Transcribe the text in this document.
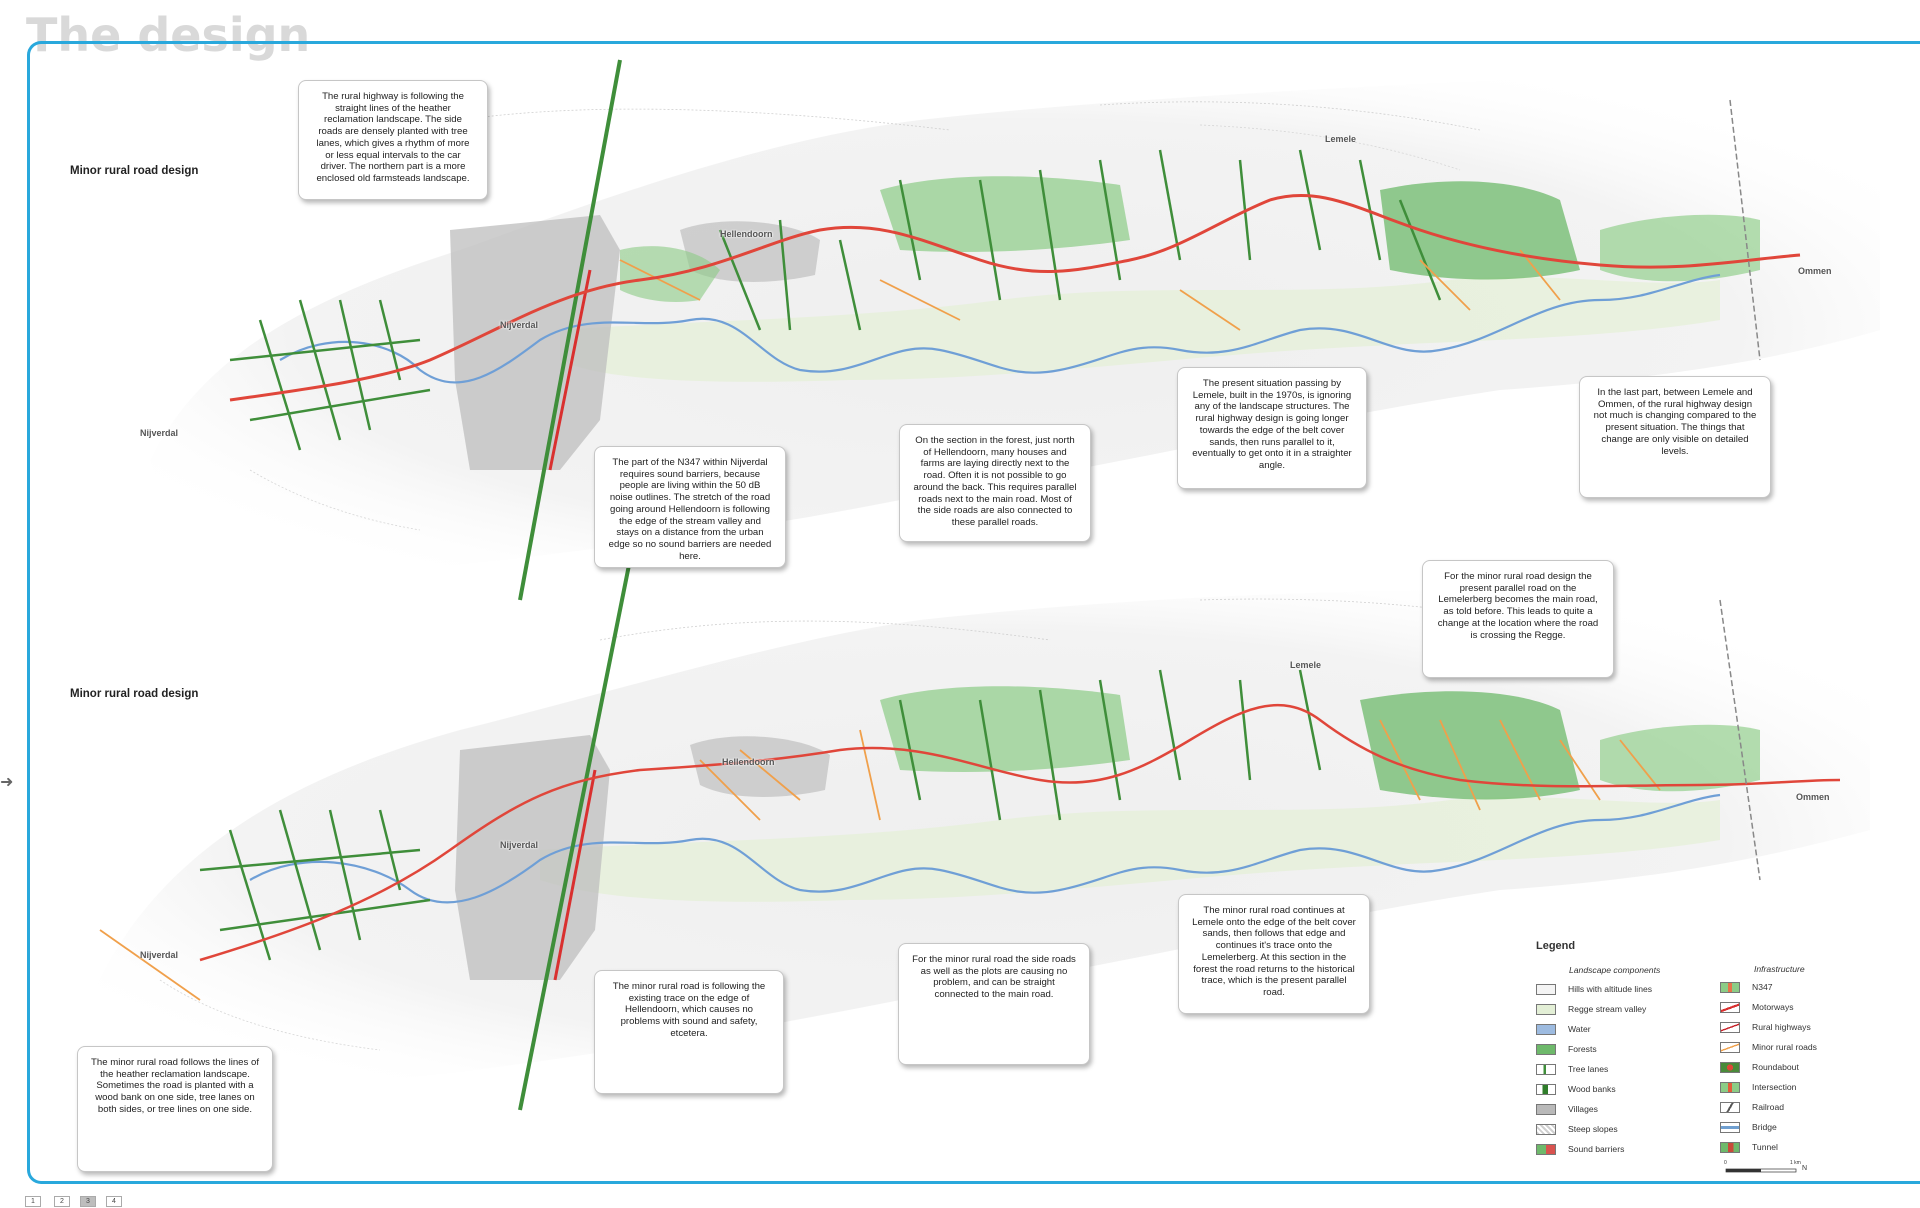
The design
➜
Nijverdal
Nijverdal
Hellendoorn
Lemele
Ommen
Nijverdal
Nijverdal
Hellendoorn
Lemele
Ommen
Minor rural road design
Minor rural road design
The rural highway is following the straight lines of the heather reclamation landscape. The side roads are densely planted with tree lanes, which gives a rhythm of more or less equal intervals to the car driver. The northern part is a more enclosed old farmsteads landscape.
The part of the N347 within Nijverdal requires sound barriers, because people are living within the 50 dB noise outlines. The stretch of the road going around Hellendoorn is following the edge of the stream valley and stays on a distance from the urban edge so no sound barriers are needed here.
On the section in the forest, just north of Hellendoorn, many houses and farms are laying directly next to the road. Often it is not possible to go around the back. This requires parallel roads next to the main road. Most of the side roads are also connected to these parallel roads.
The present situation passing by Lemele, built in the 1970s, is ignoring any of the landscape structures. The rural highway design is going longer towards the edge of the belt cover sands, then runs parallel to it, eventually to get onto it in a straighter angle.
In the last part, between Lemele and Ommen, of the rural highway design not much is changing compared to the present situation. The things that change are only visible on detailed levels.
For the minor rural road design the present parallel road on the Lemelerberg becomes the main road, as told before. This leads to quite a change at the location where the road is crossing the Regge.
The minor rural road follows the lines of the heather reclamation landscape. Sometimes the road is planted with a wood bank on one side, tree lanes on both sides, or tree lines on one side.
The minor rural road is following the existing trace on the edge of Hellendoorn, which causes no problems with sound and safety, etcetera.
For the minor rural road the side roads as well as the plots are causing no problem, and can be straight connected to the main road.
The minor rural road continues at Lemele onto the edge of the belt cover sands, then follows that edge and continues it's trace onto the Lemelerberg. At this section in the forest the road returns to the historical trace, which is the present parallel road.
Legend
Landscape components	Infrastructure
Hills with altitude lines
Regge stream valley
Water
Forests
Tree lanes
Wood banks
Villages
Steep slopes
Sound barriers
N347
Motorways
Rural highways
Minor rural roads
Roundabout
Intersection
Railroad
Bridge
Tunnel
0	1 km
N
1	2	3	4
